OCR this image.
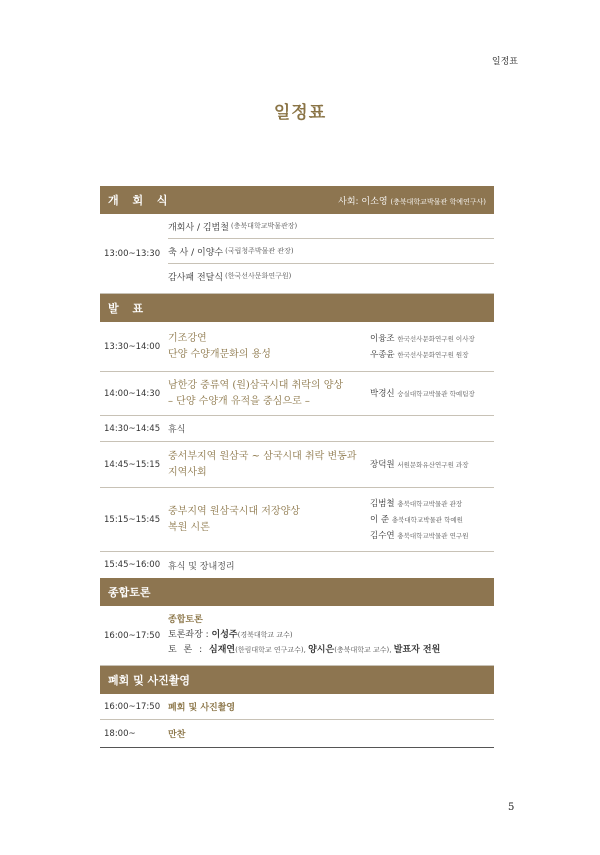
일정표
일정표
개 회 식	사회: 이소영 (충북대학교박물관 학예연구사)
13:00~13:30
개회사 / 김범철 (충북대학교박물관장)
축 사 / 이양수 (국립청주박물관 관장)
감사패 전달식 (한국선사문화연구원)
발 표
13:30~14:00
기조강연
단양 수양개문화의 용성
이융조 한국선사문화연구원 이사장
우종윤 한국선사문화연구원 원장
14:00~14:30
남한강 중류역 (원)삼국시대 취락의 양상
– 단양 수양개 유적을 중심으로 –
박경신 숭실대학교박물관 학예팀장
14:30~14:45 휴식
14:45~15:15
중서부지역 원삼국 ~ 삼국시대 취락 변동과
지역사회
장덕원 서원문화유산연구원 과장
15:15~15:45
중부지역 원삼국시대 저장양상
복원 시론
김범철 충북대학교박물관 관장
이 준 충북대학교박물관 학예원
김수연 충북대학교박물관 연구원
15:45~16:00 휴식 및 장내정리
종합토론
16:00~17:50
종합토론
토론좌장 : 이성주(경북대학교 교수)
토 론 : 심재연(한림대학교 연구교수), 양시은(충북대학교 교수), 발표자 전원
폐회 및 사진촬영
16:00~17:50 폐회 및 사진촬영
18:00~	만찬
5
